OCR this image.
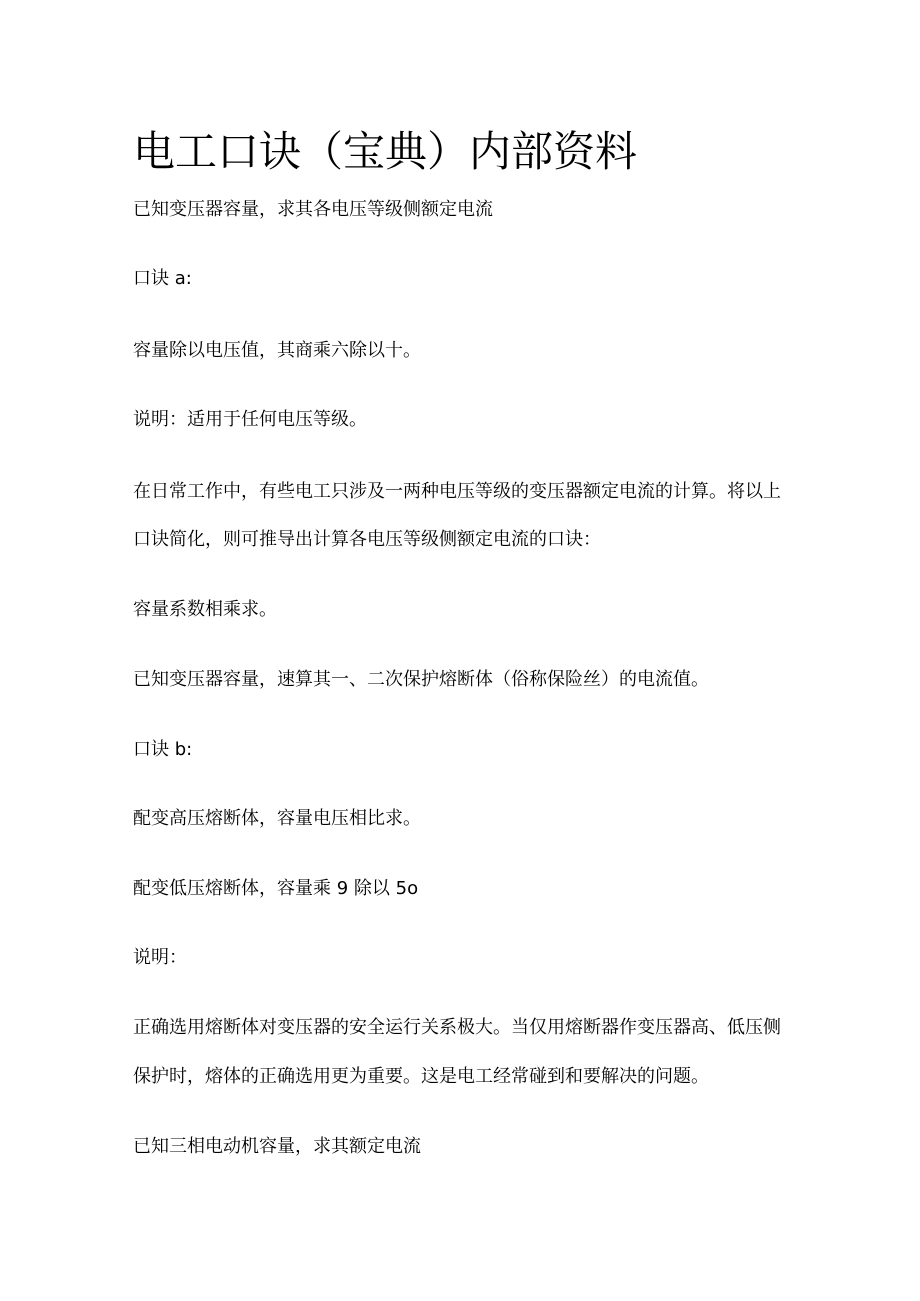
电工口诀（宝典）内部资料

已知变压器容量，求其各电压等级侧额定电流

口诀 a:

容量除以电压值，其商乘六除以十。

说明：适用于任何电压等级。

在日常工作中，有些电工只涉及一两种电压等级的变压器额定电流的计算。将以上

口诀简化，则可推导出计算各电压等级侧额定电流的口诀：

容量系数相乘求。

已知变压器容量，速算其一、二次保护熔断体（俗称保险丝）的电流值。

口诀 b:

配变高压熔断体，容量电压相比求。

配变低压熔断体，容量乘 9 除以 5o

说明：

正确选用熔断体对变压器的安全运行关系极大。当仅用熔断器作变压器高、低压侧

保护时，熔体的正确选用更为重要。这是电工经常碰到和要解决的问题。

已知三相电动机容量，求其额定电流
